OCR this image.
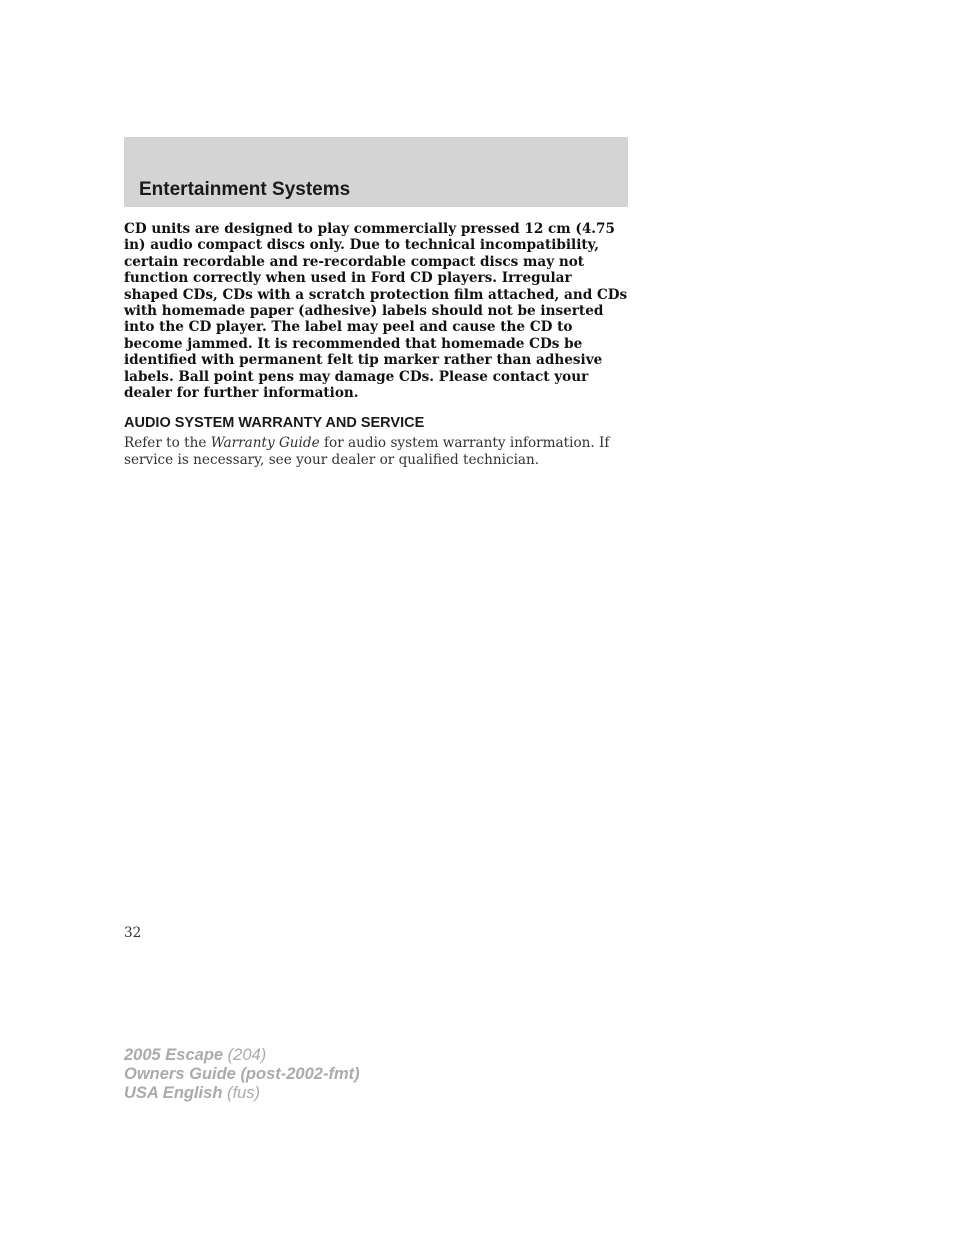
Entertainment Systems

CD units are designed to play commercially pressed 12 cm (4.75 in) audio compact discs only. Due to technical incompatibility, certain recordable and re-recordable compact discs may not function correctly when used in Ford CD players. Irregular shaped CDs, CDs with a scratch protection film attached, and CDs with homemade paper (adhesive) labels should not be inserted into the CD player. The label may peel and cause the CD to become jammed. It is recommended that homemade CDs be identified with permanent felt tip marker rather than adhesive labels. Ball point pens may damage CDs. Please contact your dealer for further information.

AUDIO SYSTEM WARRANTY AND SERVICE

Refer to the Warranty Guide for audio system warranty information. If service is necessary, see your dealer or qualified technician.

32
2005 Escape (204)
Owners Guide (post-2002-fmt)
USA English (fus)
